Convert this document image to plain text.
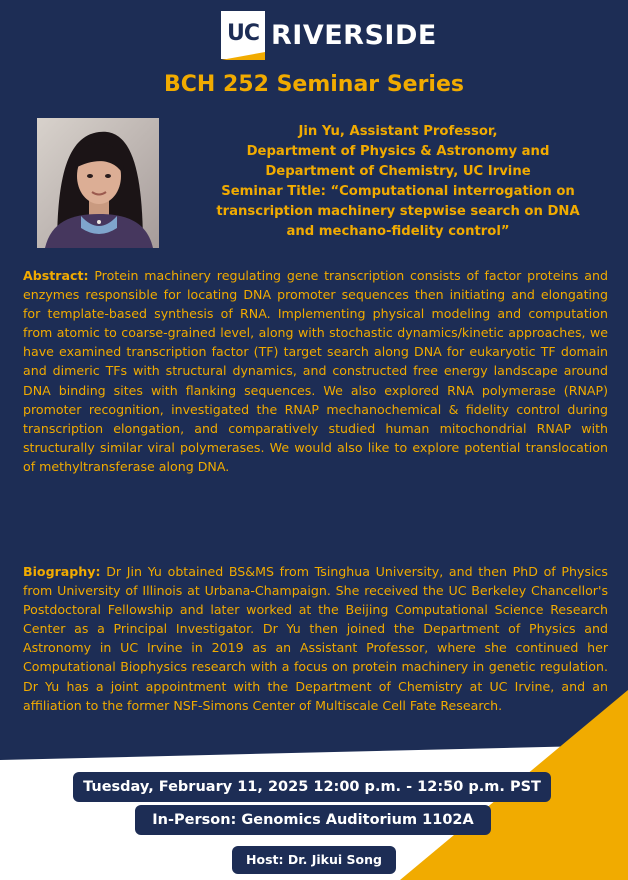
UC RIVERSIDE
BCH 252 Seminar Series
Jin Yu, Assistant Professor,
Department of Physics & Astronomy and
Department of Chemistry, UC Irvine
Seminar Title: “Computational interrogation on
transcription machinery stepwise search on DNA
and mechano-fidelity control”

Abstract: Protein machinery regulating gene transcription consists of factor proteins and enzymes responsible for locating DNA promoter sequences then initiating and elongating for template-based synthesis of RNA. Implementing physical modeling and computation from atomic to coarse-grained level, along with stochastic dynamics/kinetic approaches, we have examined transcription factor (TF) target search along DNA for eukaryotic TF domain and dimeric TFs with structural dynamics, and constructed free energy landscape around DNA binding sites with flanking sequences. We also explored RNA polymerase (RNAP) promoter recognition, investigated the RNAP mechanochemical & fidelity control during transcription elongation, and comparatively studied human mitochondrial RNAP with structurally similar viral polymerases. We would also like to explore potential translocation of methyltransferase along DNA.

Biography: Dr Jin Yu obtained BS&MS from Tsinghua University, and then PhD of Physics from University of Illinois at Urbana-Champaign. She received the UC Berkeley Chancellor's Postdoctoral Fellowship and later worked at the Beijing Computational Science Research Center as a Principal Investigator. Dr Yu then joined the Department of Physics and Astronomy in UC Irvine in 2019 as an Assistant Professor, where she continued her Computational Biophysics research with a focus on protein machinery in genetic regulation. Dr Yu has a joint appointment with the Department of Chemistry at UC Irvine, and an affiliation to the former NSF-Simons Center of Multiscale Cell Fate Research.

Tuesday, February 11, 2025 12:00 p.m. - 12:50 p.m. PST
In-Person: Genomics Auditorium 1102A
Host: Dr. Jikui Song
